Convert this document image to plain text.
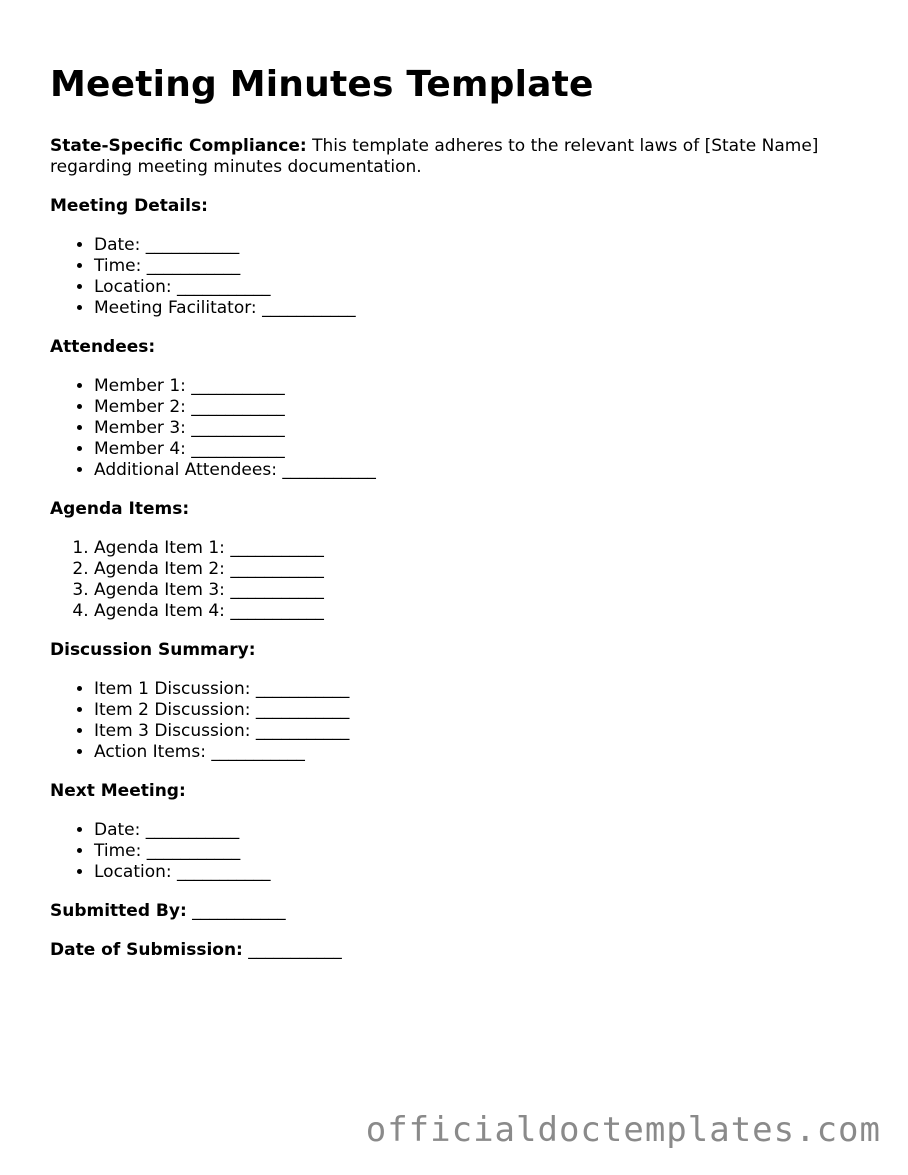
Meeting Minutes Template

State-Specific Compliance: This template adheres to the relevant laws of [State Name] regarding meeting minutes documentation.

Meeting Details:

• Date: ___________
• Time: ___________
• Location: ___________
• Meeting Facilitator: ___________

Attendees:

• Member 1: ___________
• Member 2: ___________
• Member 3: ___________
• Member 4: ___________
• Additional Attendees: ___________

Agenda Items:

1. Agenda Item 1: ___________
2. Agenda Item 2: ___________
3. Agenda Item 3: ___________
4. Agenda Item 4: ___________

Discussion Summary:

• Item 1 Discussion: ___________
• Item 2 Discussion: ___________
• Item 3 Discussion: ___________
• Action Items: ___________

Next Meeting:

• Date: ___________
• Time: ___________
• Location: ___________

Submitted By: ___________

Date of Submission: ___________

officialdoctemplates.com
